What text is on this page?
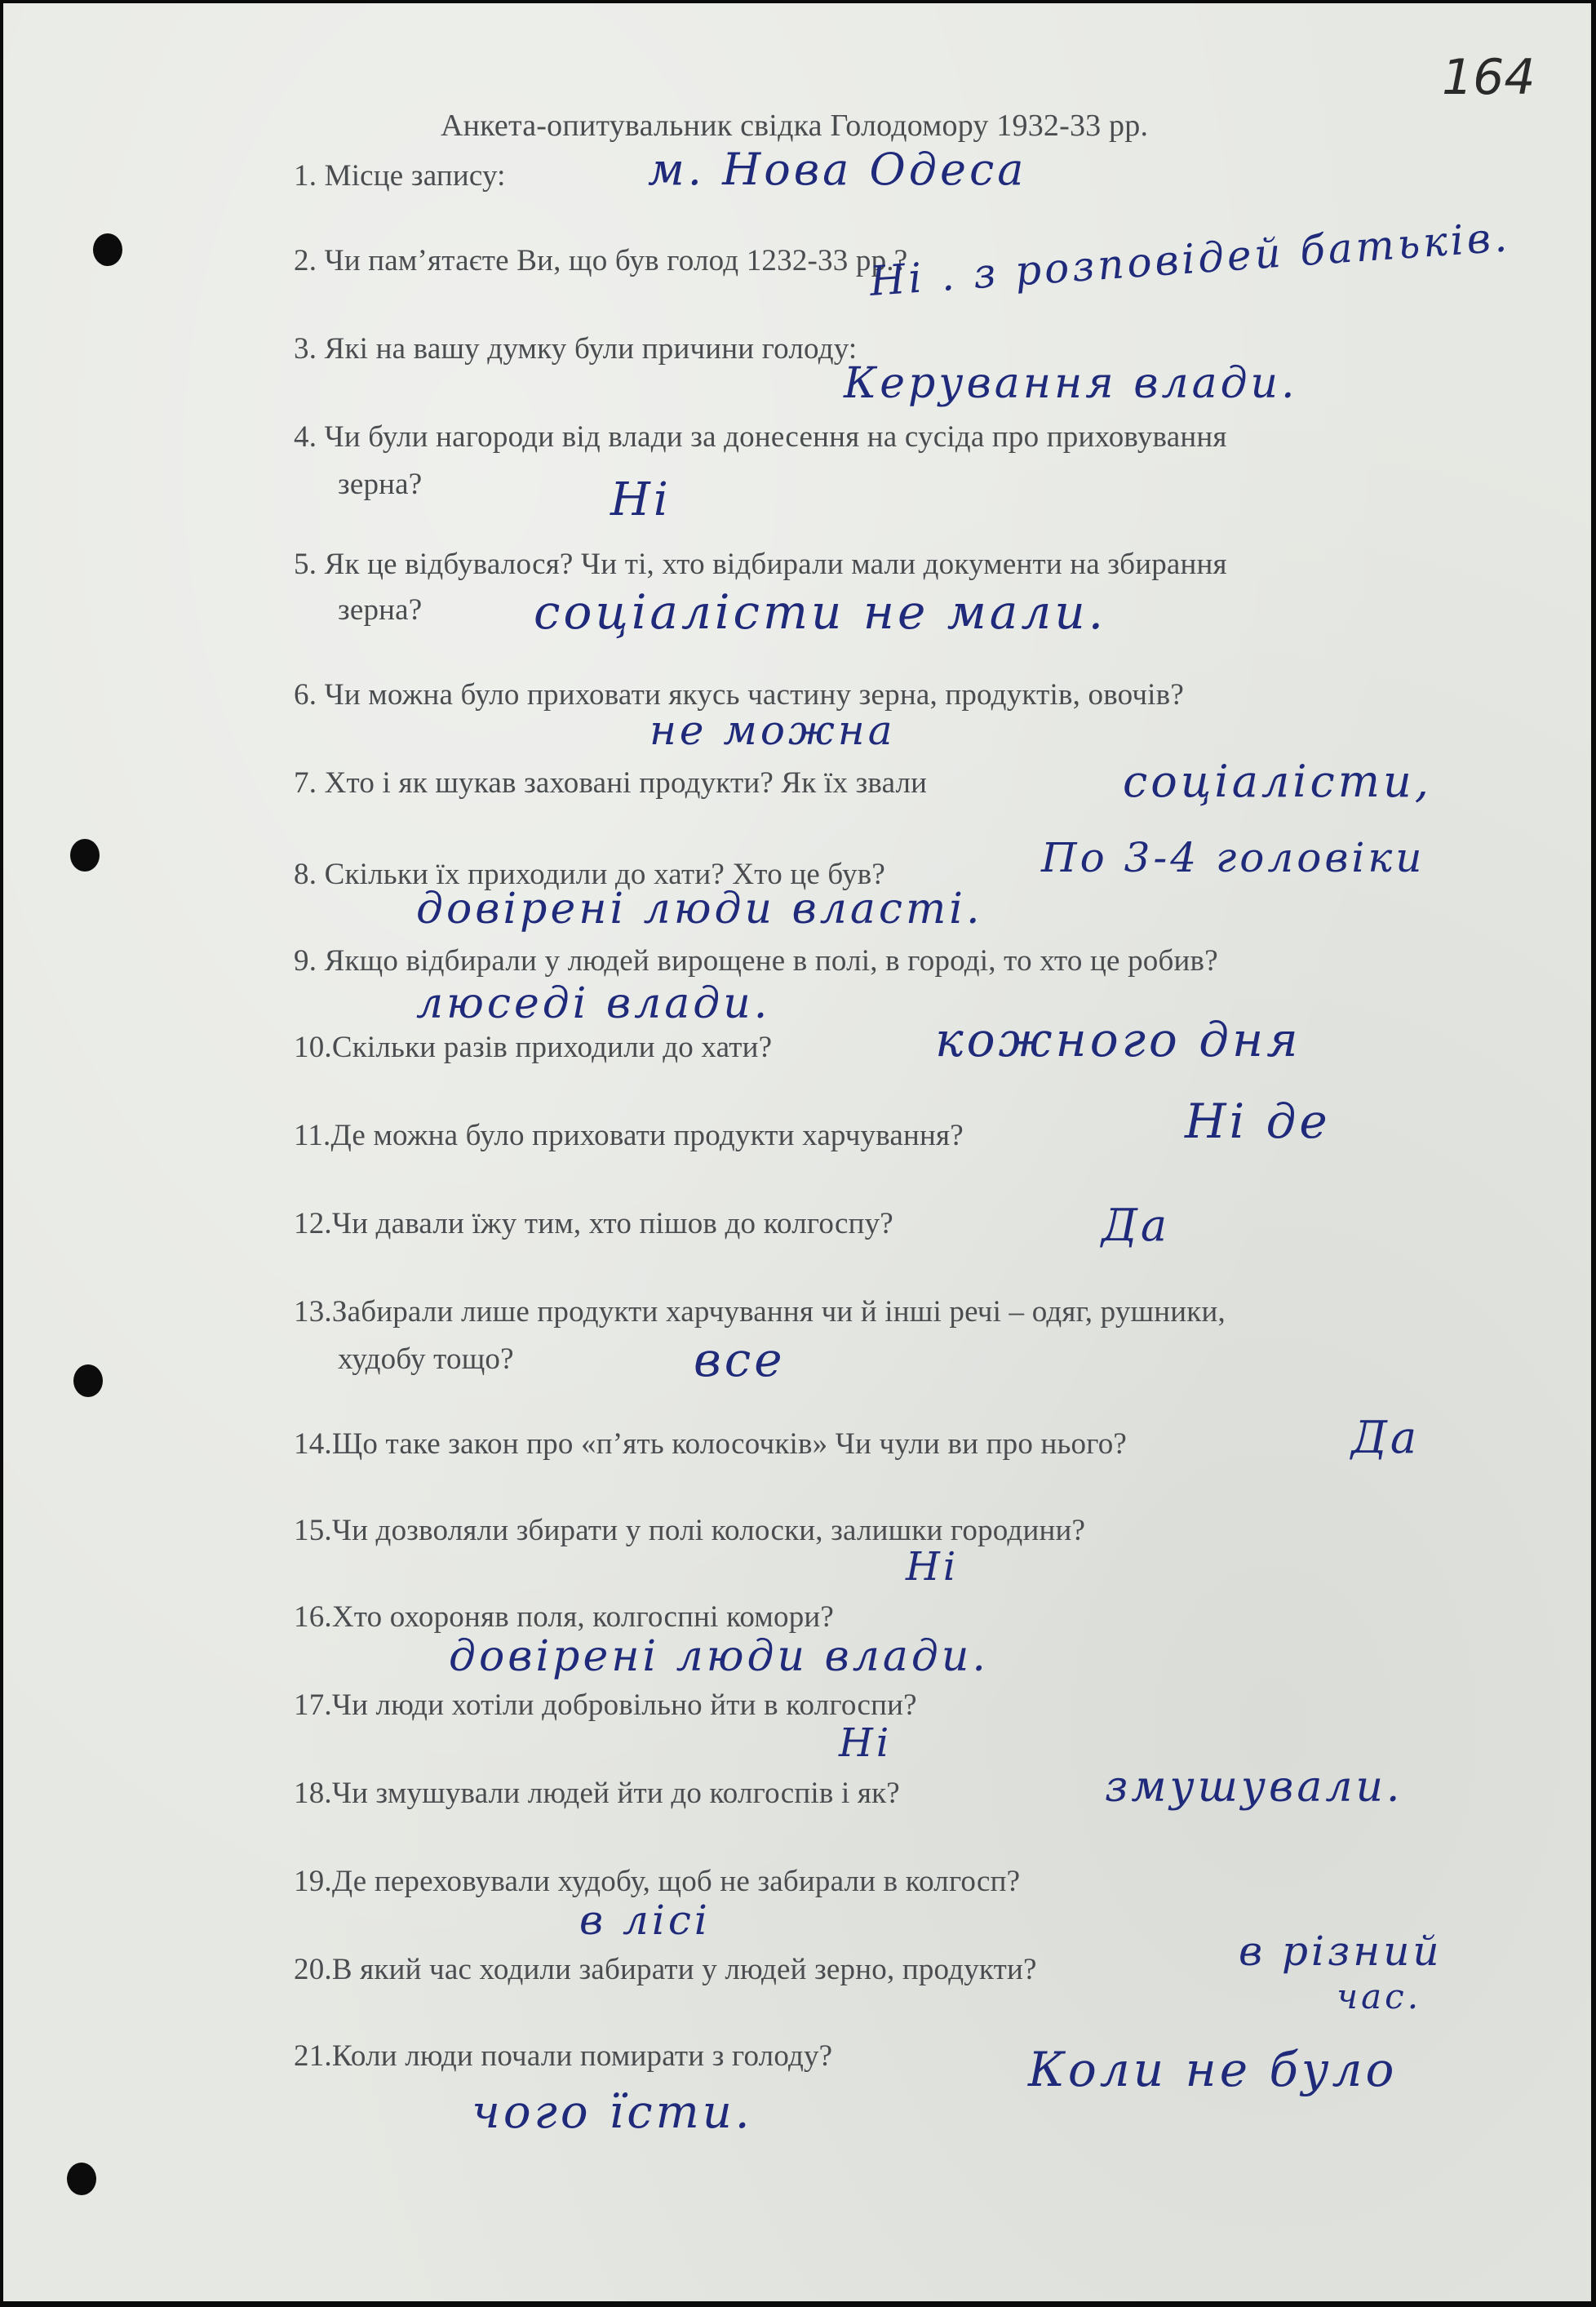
164
Анкета-опитувальник свідка Голодомору 1932-33 рр.
1. Місце запису:	м. Нова Одеса
2. Чи пам’ятаєте Ви, що був голод 1232-33 рр.?
Ні . з розповідей батьків.
3. Які на вашу думку були причини голоду:
Керування влади.
4. Чи були нагороди від влади за донесення на сусіда про приховування
зерна?	Ні
5. Як це відбувалося? Чи ті, хто відбирали мали документи на збирання
зерна? соціалісти не мали.
6. Чи можна було приховати якусь частину зерна, продуктів, овочів?
не можна
7. Хто і як шукав заховані продукти? Як їх звали	соціалісти,
8. Скільки їх приходили до хати? Хто це був?	По 3-4 головіки
довірені люди власті.
9. Якщо відбирали у людей вирощене в полі, в городі, то хто це робив?
люседі влади.
10.Скільки разів приходили до хати?	кожного дня
11.Де можна було приховати продукти харчування?	Ні де
12.Чи давали їжу тим, хто пішов до колгоспу?	Да
13.Забирали лише продукти харчування чи й інші речі – одяг, рушники,
худобу тощо?	все
14.Що таке закон про «п’ять колосочків» Чи чули ви про нього?	Да
15.Чи дозволяли збирати у полі колоски, залишки городини?
Ні
16.Хто охороняв поля, колгоспні комори?
довірені люди влади.
17.Чи люди хотіли добровільно йти в колгоспи?
Ні
18.Чи змушували людей йти до колгоспів і як?	змушували.
19.Де переховували худобу, щоб не забирали в колгосп?
в лісі
20.В який час ходили забирати у людей зерно, продукти?	в різний
час.
21.Коли люди почали помирати з голоду?	Коли не було
чого їсти.
